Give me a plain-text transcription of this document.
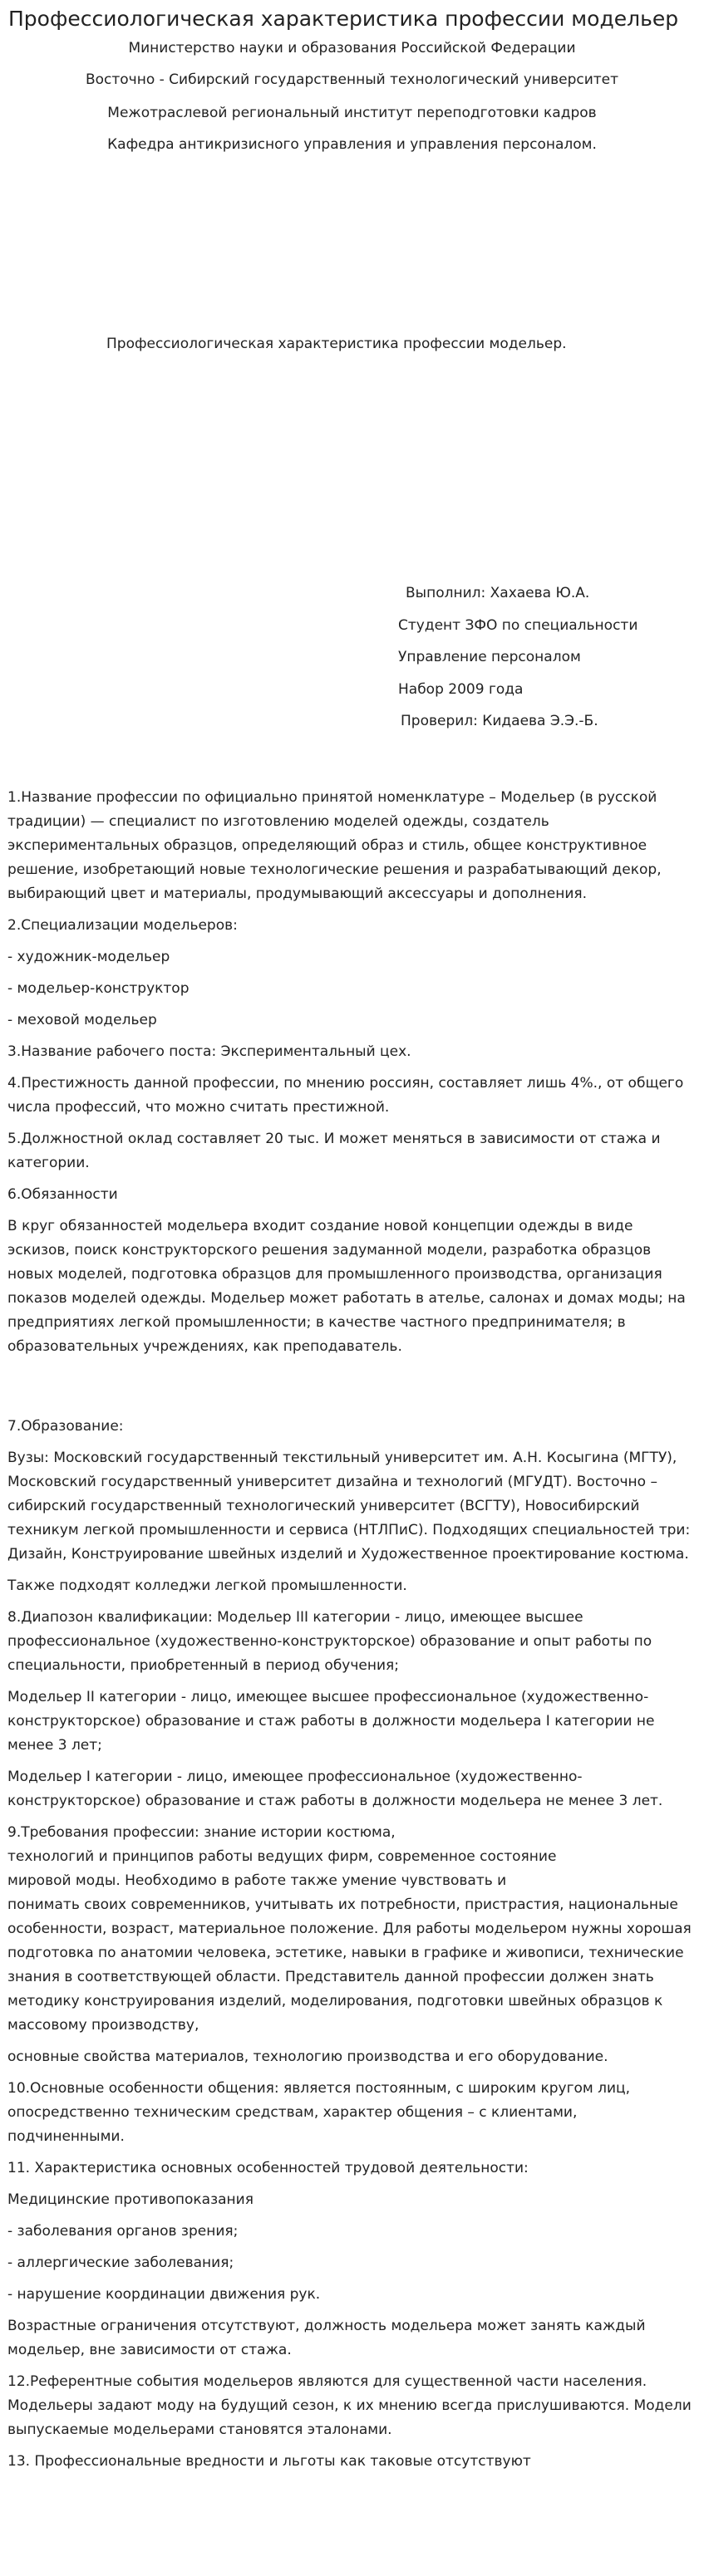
Профессиологическая характеристика профессии модельер
Министерство науки и образования Российской Федерации
Восточно - Сибирский государственный технологический университет
Межотраслевой региональный институт переподготовки кадров
Кафедра антикризисного управления и управления персоналом.
Профессиологическая характеристика профессии модельер.
Выполнил: Хахаева Ю.А.
Студент ЗФО по специальности
Управление персоналом
Набор 2009 года
Проверил: Кидаева Э.Э.-Б.

1.Название профессии по официально принятой номенклатуре – Модельер (в русской традиции) — специалист по изготовлению моделей одежды, создатель экспериментальных образцов, определяющий образ и стиль, общее конструктивное решение, изобретающий новые технологические решения и разрабатывающий декор, выбирающий цвет и материалы, продумывающий аксессуары и дополнения.

2.Специализации модельеров:

- художник-модельер

- модельер-конструктор

- меховой модельер

3.Название рабочего поста: Экспериментальный цех.

4.Престижность данной профессии, по мнению россиян, составляет лишь 4%., от общего числа профессий, что можно считать престижной.

5.Должностной оклад составляет 20 тыс. И может меняться в зависимости от стажа и категории.

6.Обязанности

В круг обязанностей модельера входит создание новой концепции одежды в виде эскизов, поиск конструкторского решения задуманной модели, разработка образцов новых моделей, подготовка образцов для промышленного производства, организация показов моделей одежды. Модельер может работать в ателье, салонах и домах моды; на предприятиях легкой промышленности; в качестве частного предпринимателя; в образовательных учреждениях, как преподаватель.

7.Образование:

Вузы: Московский государственный текстильный университет им. А.Н. Косыгина (МГТУ), Московский государственный университет дизайна и технологий (МГУДТ). Восточно – сибирский государственный технологический университет (ВСГТУ), Новосибирский техникум легкой промышленности и сервиса (НТЛПиС). Подходящих специальностей три: Дизайн, Конструирование швейных изделий и Художественное проектирование костюма.

Также подходят колледжи легкой промышленности.

8.Диапозон квалификации: Модельер III категории - лицо, имеющее высшее профессиональное (художественно-конструкторское) образование и опыт работы по специальности, приобретенный в период обучения;

Модельер II категории - лицо, имеющее высшее профессиональное (художественно-конструкторское) образование и стаж работы в должности модельера I категории не менее 3 лет;

Модельер I категории - лицо, имеющее профессиональное (художественно-конструкторское) образование и стаж работы в должности модельера не менее 3 лет.

9.Требования профессии: знание истории костюма,
технологий и принципов работы ведущих фирм, современное состояние
мировой моды. Необходимо в работе также умение чувствовать и
понимать своих современников, учитывать их потребности, пристрастия, национальные особенности, возраст, материальное положение. Для работы модельером нужны хорошая подготовка по анатомии человека, эстетике, навыки в графике и живописи, технические знания в соответствующей области. Представитель данной профессии должен знать методику конструирования изделий, моделирования, подготовки швейных образцов к массовому производству,

основные свойства материалов, технологию производства и его оборудование.

10.Основные особенности общения: является постоянным, с широким кругом лиц, опосредственно техническим средствам, характер общения – с клиентами, подчиненными.

11. Характеристика основных особенностей трудовой деятельности:

Медицинские противопоказания

- заболевания органов зрения;

- аллергические заболевания;

- нарушение координации движения рук.

Возрастные ограничения отсутствуют, должность модельера может занять каждый модельер, вне зависимости от стажа.

12.Референтные события модельеров являются для существенной части населения. Модельеры задают моду на будущий сезон, к их мнению всегда прислушиваются. Модели выпускаемые модельерами становятся эталонами.

13. Профессиональные вредности и льготы как таковые отсутствуют
